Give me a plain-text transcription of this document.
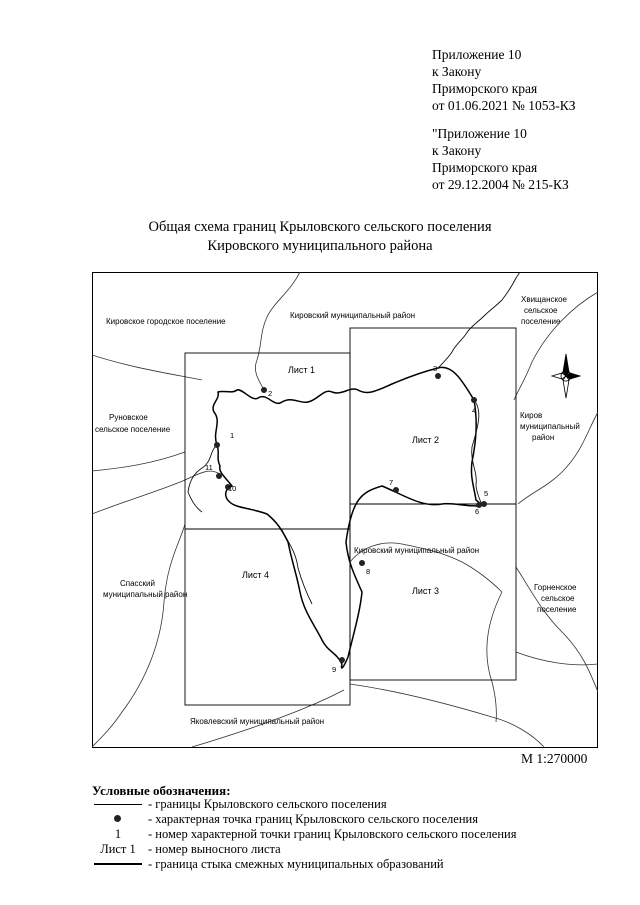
Приложение 10
к Закону
Приморского края
от 01.06.2021 № 1053-КЗ
"Приложение 10
к Закону
Приморского края
от 29.12.2004 № 215-КЗ
Общая схема границ Крыловского сельского поселения
Кировского муниципального района
1
2
3
4
5
6
7
8
9
10
11
Лист 1
Лист 2
Лист 3
Лист 4
Кировское городское поселение
Кировский муниципальный район
Хвищанское
сельское
поселение
Руновское
сельское поселение
Киров
муниципальный
район
Спасский
муниципальный район
Кировский муниципальный район
Горненское
сельское
поселение
Яковлевский муниципальный район
М 1:270000
Условные обозначения:
- границы Крыловского сельского поселения
- характерная точка границ Крыловского сельского поселения
1	- номер характерной точки границ Крыловского сельского поселения
Лист 1 - номер выносного листа
- граница стыка смежных муниципальных образований
